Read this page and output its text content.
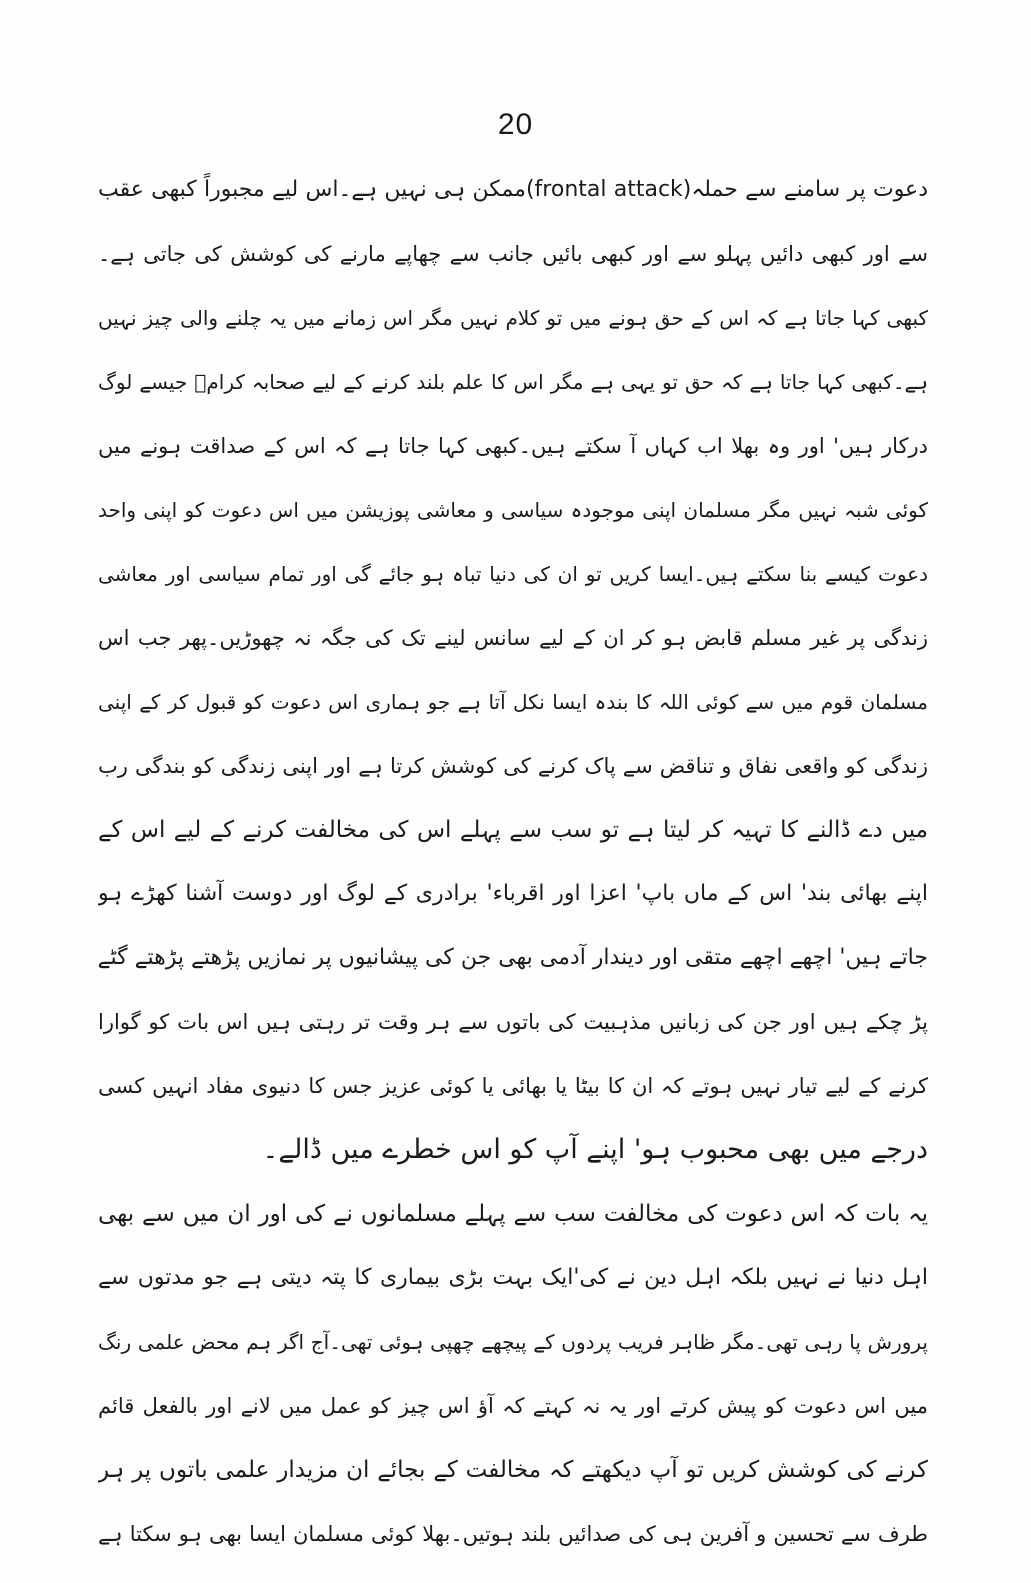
20
دعوت پر سامنے سے حملہ(frontal attack)ممکن ہی نہیں ہے۔اس لیے مجبوراً کبھی عقب
سے اور کبھی دائیں پہلو سے اور کبھی بائیں جانب سے چھاپے مارنے کی کوشش کی جاتی ہے۔
کبھی کہا جاتا ہے کہ اس کے حق ہونے میں تو کلام نہیں مگر اس زمانے میں یہ چلنے والی چیز نہیں
ہے۔کبھی کہا جاتا ہے کہ حق تو یہی ہے مگر اس کا علم بلند کرنے کے لیے صحابہ کرامؓ جیسے لوگ
درکار ہیں' اور وہ بھلا اب کہاں آ سکتے ہیں۔کبھی کہا جاتا ہے کہ اس کے صداقت ہونے میں
کوئی شبہ نہیں مگر مسلمان اپنی موجودہ سیاسی و معاشی پوزیشن میں اس دعوت کو اپنی واحد
دعوت کیسے بنا سکتے ہیں۔ایسا کریں تو ان کی دنیا تباہ ہو جائے گی اور تمام سیاسی اور معاشی
زندگی پر غیر مسلم قابض ہو کر ان کے لیے سانس لینے تک کی جگہ نہ چھوڑیں۔پھر جب اس
مسلمان قوم میں سے کوئی اللہ کا بندہ ایسا نکل آتا ہے جو ہماری اس دعوت کو قبول کر کے اپنی
زندگی کو واقعی نفاق و تناقض سے پاک کرنے کی کوشش کرتا ہے اور اپنی زندگی کو بندگی رب
میں دے ڈالنے کا تہیہ کر لیتا ہے تو سب سے پہلے اس کی مخالفت کرنے کے لیے اس کے
اپنے بھائی بند' اس کے ماں باپ' اعزا اور اقرباء' برادری کے لوگ اور دوست آشنا کھڑے ہو
جاتے ہیں' اچھے اچھے متقی اور دیندار آدمی بھی جن کی پیشانیوں پر نمازیں پڑھتے پڑھتے گٹے
پڑ چکے ہیں اور جن کی زبانیں مذہبیت کی باتوں سے ہر وقت تر رہتی ہیں اس بات کو گوارا
کرنے کے لیے تیار نہیں ہوتے کہ ان کا بیٹا یا بھائی یا کوئی عزیز جس کا دنیوی مفاد انہیں کسی
درجے میں بھی محبوب ہو' اپنے آپ کو اس خطرے میں ڈالے۔
یہ بات کہ اس دعوت کی مخالفت سب سے پہلے مسلمانوں نے کی اور ان میں سے بھی
اہل دنیا نے نہیں بلکہ اہل دین نے کی'ایک بہت بڑی بیماری کا پتہ دیتی ہے جو مدتوں سے
پرورش پا رہی تھی۔مگر ظاہر فریب پردوں کے پیچھے چھپی ہوئی تھی۔آج اگر ہم محض علمی رنگ
میں اس دعوت کو پیش کرتے اور یہ نہ کہتے کہ آؤ اس چیز کو عمل میں لانے اور بالفعل قائم
کرنے کی کوشش کریں تو آپ دیکھتے کہ مخالفت کے بجائے ان مزیدار علمی باتوں پر ہر
طرف سے تحسین و آفرین ہی کی صدائیں بلند ہوتیں۔بھلا کوئی مسلمان ایسا بھی ہو سکتا ہے
